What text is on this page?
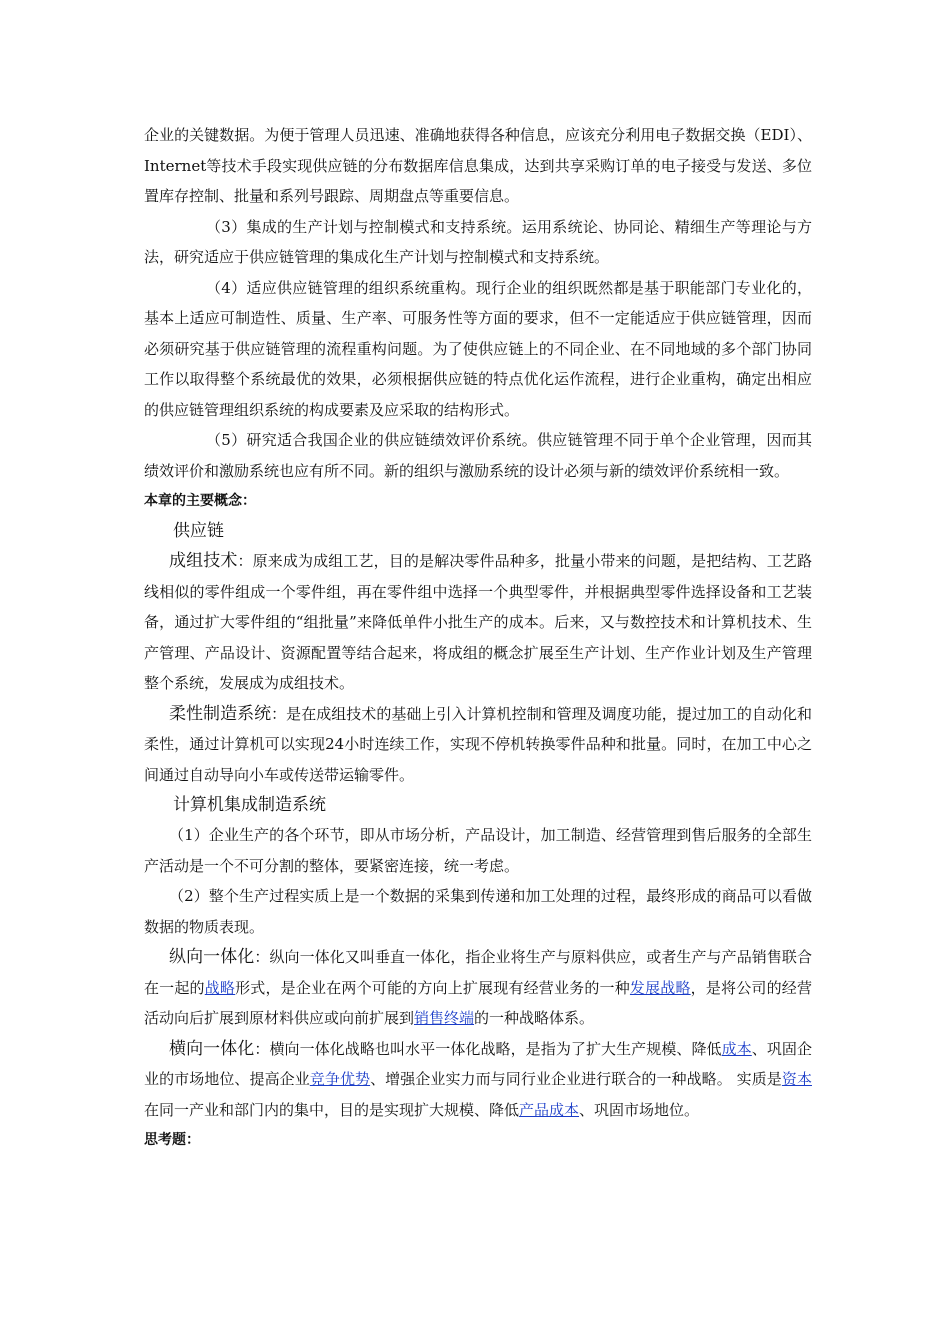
企业的关键数据。为便于管理人员迅速、准确地获得各种信息，应该充分利用电子数据交换（EDI）、Internet等技术手段实现供应链的分布数据库信息集成，达到共享采购订单的电子接受与发送、多位置库存控制、批量和系列号跟踪、周期盘点等重要信息。

（3）集成的生产计划与控制模式和支持系统。运用系统论、协同论、精细生产等理论与方法，研究适应于供应链管理的集成化生产计划与控制模式和支持系统。

（4）适应供应链管理的组织系统重构。现行企业的组织既然都是基于职能部门专业化的，基本上适应可制造性、质量、生产率、可服务性等方面的要求，但不一定能适应于供应链管理，因而必须研究基于供应链管理的流程重构问题。为了使供应链上的不同企业、在不同地域的多个部门协同工作以取得整个系统最优的效果，必须根据供应链的特点优化运作流程，进行企业重构，确定出相应的供应链管理组织系统的构成要素及应采取的结构形式。

（5）研究适合我国企业的供应链绩效评价系统。供应链管理不同于单个企业管理，因而其绩效评价和激励系统也应有所不同。新的组织与激励系统的设计必须与新的绩效评价系统相一致。

本章的主要概念：

供应链

成组技术：原来成为成组工艺，目的是解决零件品种多，批量小带来的问题，是把结构、工艺路线相似的零件组成一个零件组，再在零件组中选择一个典型零件，并根据典型零件选择设备和工艺装备，通过扩大零件组的“组批量”来降低单件小批生产的成本。后来，又与数控技术和计算机技术、生产管理、产品设计、资源配置等结合起来，将成组的概念扩展至生产计划、生产作业计划及生产管理整个系统，发展成为成组技术。

柔性制造系统：是在成组技术的基础上引入计算机控制和管理及调度功能，提过加工的自动化和柔性，通过计算机可以实现24小时连续工作，实现不停机转换零件品种和批量。同时，在加工中心之间通过自动导向小车或传送带运输零件。

计算机集成制造系统

（1）企业生产的各个环节，即从市场分析，产品设计，加工制造、经营管理到售后服务的全部生产活动是一个不可分割的整体，要紧密连接，统一考虑。

（2）整个生产过程实质上是一个数据的采集到传递和加工处理的过程，最终形成的商品可以看做数据的物质表现。

纵向一体化：纵向一体化又叫垂直一体化，指企业将生产与原料供应，或者生产与产品销售联合在一起的战略形式，是企业在两个可能的方向上扩展现有经营业务的一种发展战略，是将公司的经营活动向后扩展到原材料供应或向前扩展到销售终端的一种战略体系。

横向一体化：横向一体化战略也叫水平一体化战略，是指为了扩大生产规模、降低成本、巩固企业的市场地位、提高企业竞争优势、增强企业实力而与同行业企业进行联合的一种战略。 实质是资本在同一产业和部门内的集中，目的是实现扩大规模、降低产品成本、巩固市场地位。

思考题：
